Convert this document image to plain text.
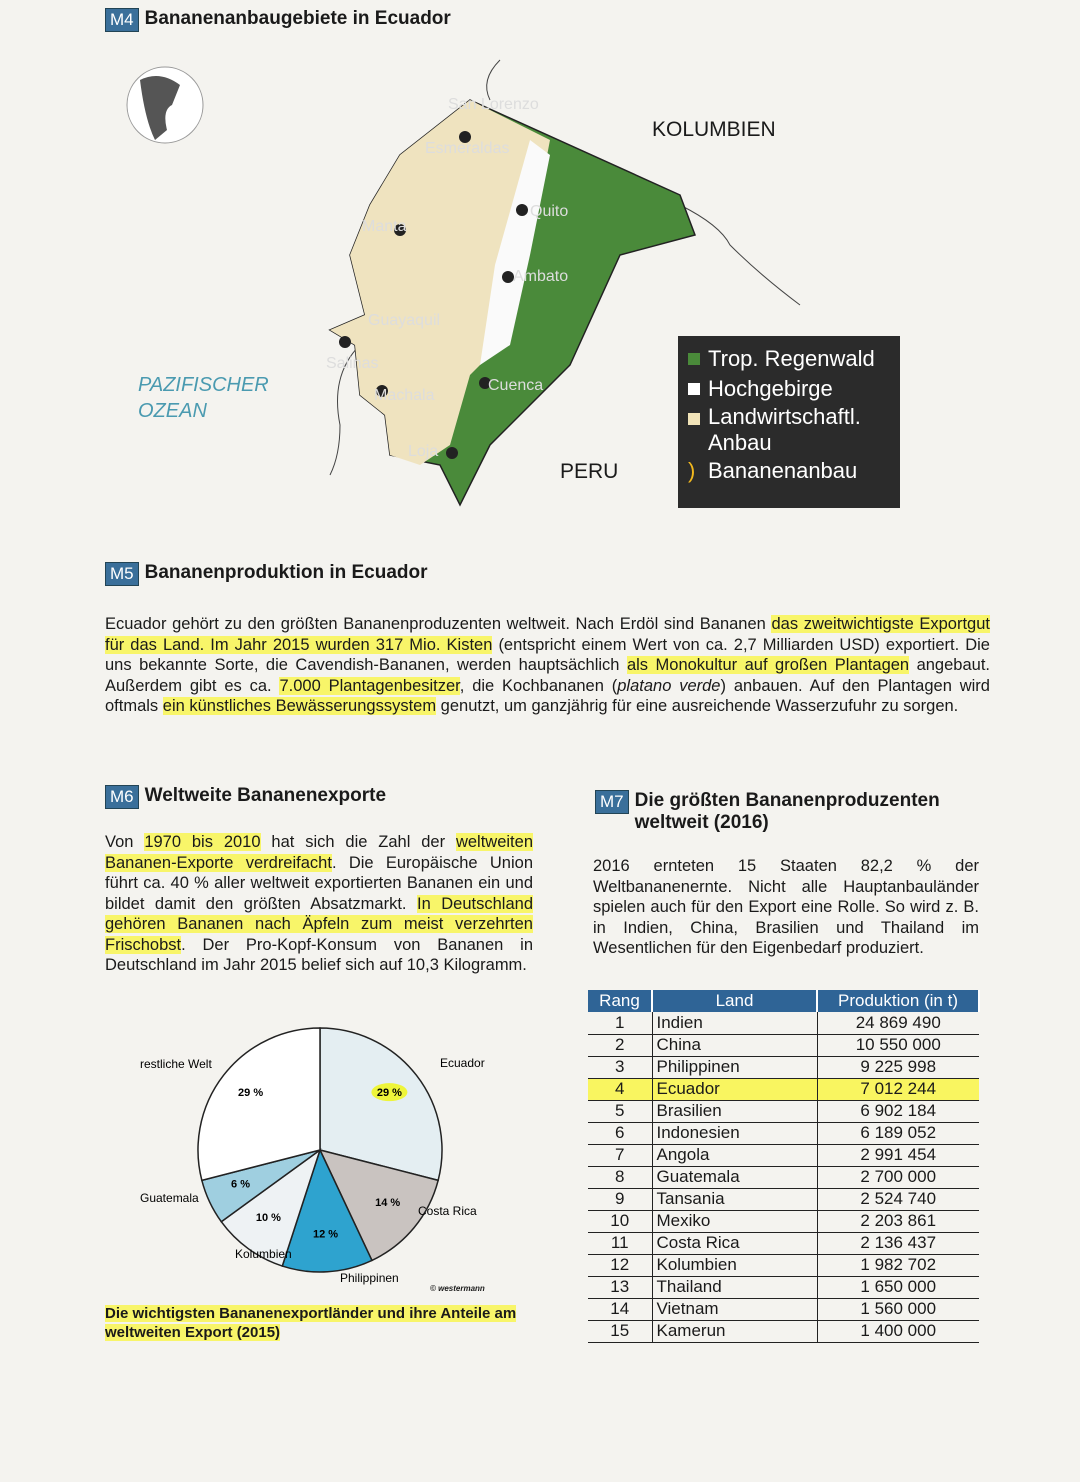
M4 Bananenanbaugebiete in Ecuador
San Lorenzo
Esmeraldas
Manta
Quito
Ambato
Guayaquil
Salinas
Cuenca
Machala
Loja
KOLUMBIEN
PERU
PAZIFISCHER OZEAN
Trop. Regenwald
Hochgebirge
Landwirtschaftl. Anbau
) Bananenanbau
M5 Bananenproduktion in Ecuador
Ecuador gehört zu den größten Bananenproduzenten weltweit. Nach Erdöl sind Bananen das zweitwichtigste Exportgut für das Land. Im Jahr 2015 wurden 317 Mio. Kisten (entspricht einem Wert von ca. 2,7 Milliarden USD) exportiert. Die uns bekannte Sorte, die Cavendish-Bananen, werden hauptsächlich als Monokultur auf großen Plantagen angebaut. Außerdem gibt es ca. 7.000 Plantagenbesitzer, die Kochbananen (platano verde) anbauen. Auf den Plantagen wird oftmals ein künstliches Bewässerungssystem genutzt, um ganzjährig für eine ausreichende Wasserzufuhr zu sorgen.
M6 Weltweite Bananenexporte
Von 1970 bis 2010 hat sich die Zahl der weltweiten Bananen-Exporte verdreifacht. Die Europäische Union führt ca. 40 % aller weltweit exportierten Bananen ein und bildet damit den größten Absatzmarkt. In Deutschland gehören Bananen nach Äpfeln zum meist verzehrten Frischobst. Der Pro-Kopf-Konsum von Bananen in Deutschland im Jahr 2015 belief sich auf 10,3 Kilogramm.
29 %
Ecuador
14 %
Costa Rica
12 %
Philippinen
10 %
Kolumbien
6 %
Guatemala
29 %
restliche Welt
© westermann
Die wichtigsten Bananenexportländer und ihre Anteile am weltweiten Export (2015)
M7 Die größten Bananenproduzenten weltweit (2016)
2016 ernteten 15 Staaten 82,2 % der Weltbananenernte. Nicht alle Hauptanbauländer spielen auch für den Export eine Rolle. So wird z. B. in Indien, China, Brasilien und Thailand im Wesentlichen für den Eigenbedarf produziert.
Rang	Land	Produktion (in t)
1	Indien	24 869 490
2	China	10 550 000
3	Philippinen	9 225 998
4	Ecuador	7 012 244
5	Brasilien	6 902 184
6	Indonesien	6 189 052
7	Angola	2 991 454
8	Guatemala	2 700 000
9	Tansania	2 524 740
10	Mexiko	2 203 861
11	Costa Rica	2 136 437
12	Kolumbien	1 982 702
13	Thailand	1 650 000
14	Vietnam	1 560 000
15	Kamerun	1 400 000
